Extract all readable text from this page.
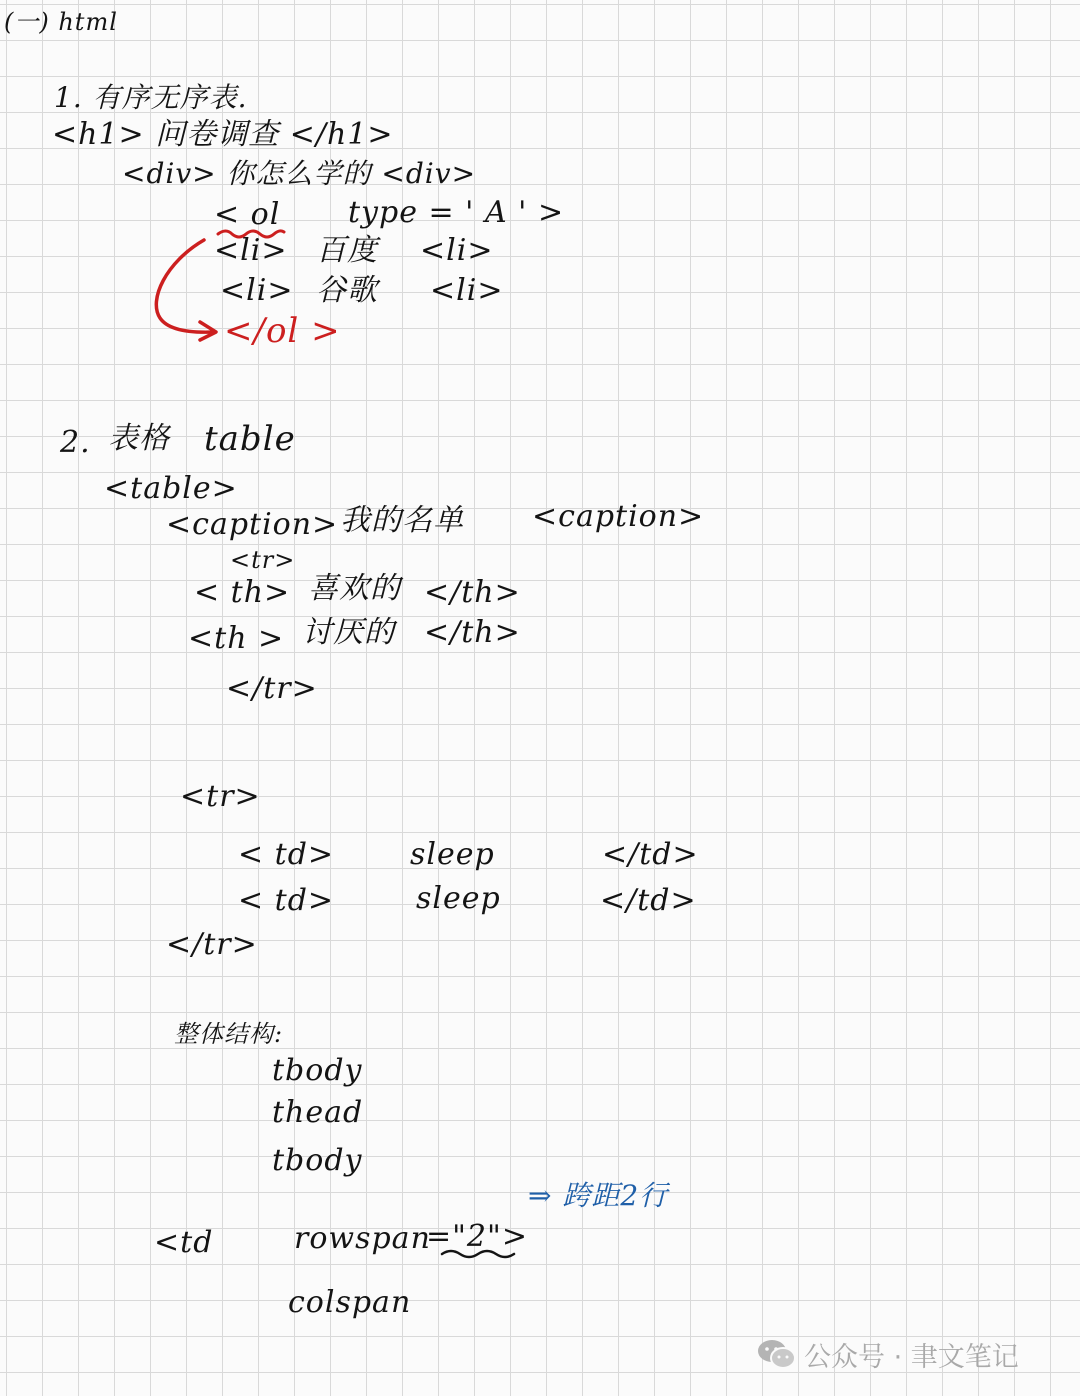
(一) html

1. 有序无序表.

<h1> 问卷调查 </h1>

<div> 你怎么学的 <div>

< ol type = ' A ' >

<li> 百度 <li>

<li> 谷歌 <li>

</ol >

2. 表格 table

<table>

<caption> 我的名单 <caption>

<tr>

< th> 喜欢的 </th>

<th > 讨厌的 </th>

</tr>

<tr>

< td>	sleep	</td>

< td>	sleep	</td>

</tr>

整体结构:

tbody

thead

tbody

<td	rowspan

="2">

⇒ 跨距2行

colspan

公众号 · 聿文笔记
